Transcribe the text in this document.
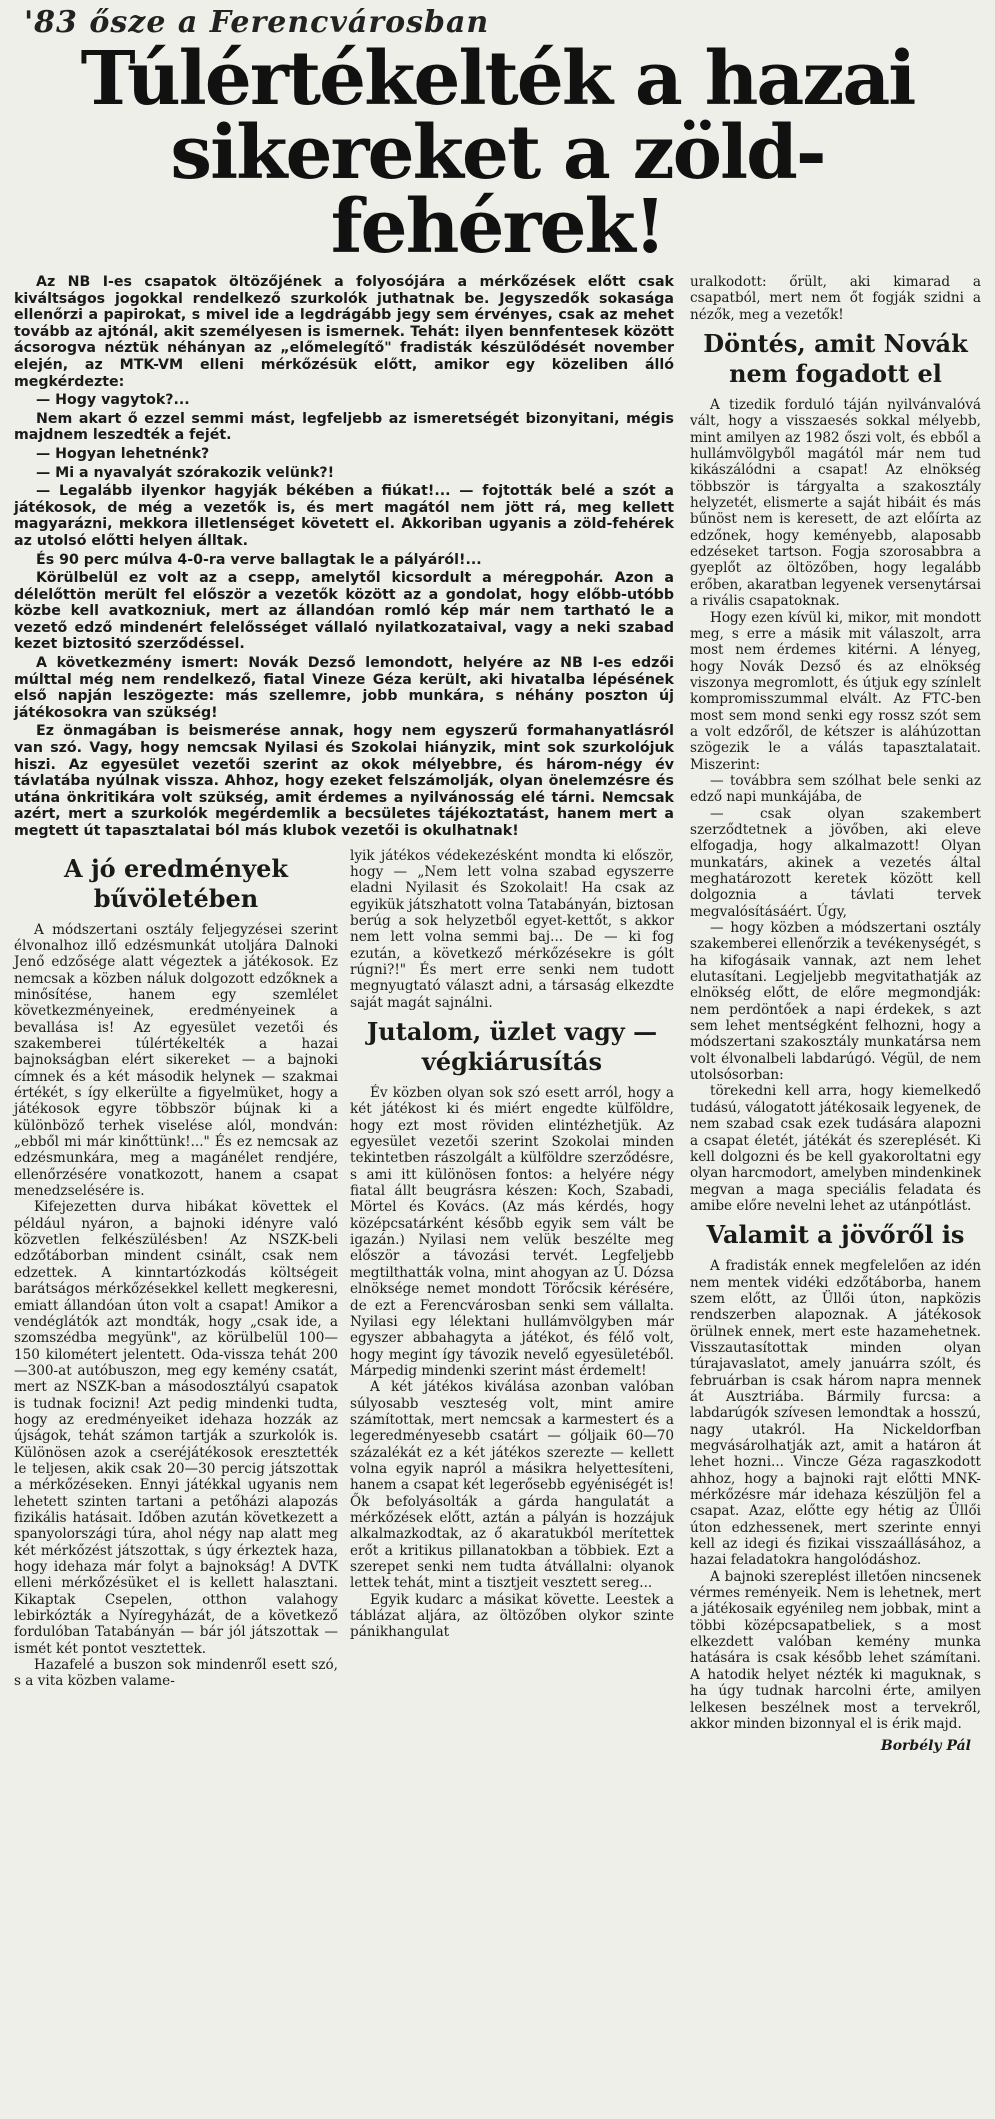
'83 ősze a Ferencvárosban
Túlértékelték a hazai
sikereket a zöld-fehérek!

Az NB I-es csapatok öltözőjének a folyosójára a mérkőzések előtt csak kiváltságos jogokkal rendelkező szurkolók juthatnak be. Jegyszedők sokasága ellenőrzi a papirokat, s mivel ide a legdrágább jegy sem érvényes, csak az mehet tovább az ajtónál, akit személyesen is ismernek. Tehát: ilyen bennfentesek között ácsorogva néztük néhányan az „előmelegítő" fradisták készülődését november elején, az MTK-VM elleni mérkőzésük előtt, amikor egy közeliben álló megkérdezte:

— Hogy vagytok?...

Nem akart ő ezzel semmi mást, legfeljebb az ismeretségét bizonyitani, mégis majdnem leszedték a fejét.

— Hogyan lehetnénk?

— Mi a nyavalyát szórakozik velünk?!

— Legalább ilyenkor hagyják békében a fiúkat!... — fojtották belé a szót a játékosok, de még a vezetők is, és mert magától nem jött rá, meg kellett magyarázni, mekkora illetlenséget követett el. Akkoriban ugyanis a zöld-fehérek az utolsó előtti helyen álltak.

És 90 perc múlva 4-0-ra verve ballagtak le a pályáról!...

Körülbelül ez volt az a csepp, amelytől kicsordult a méregpohár. Azon a délelőttön merült fel először a vezetők között az a gondolat, hogy előbb-utóbb közbe kell avatkozniuk, mert az állandóan romló kép már nem tartható le a vezető edző mindenért felelősséget vállaló nyilatkozataival, vagy a neki szabad kezet biztositó szerződéssel.

A következmény ismert: Novák Dezső lemondott, helyére az NB I-es edzői múlttal még nem rendelkező, fiatal Vineze Géza került, aki hivatalba lépésének első napján leszögezte: más szellemre, jobb munkára, s néhány poszton új játékosokra van szükség!

Ez önmagában is beismerése annak, hogy nem egyszerű formahanyatlásról van szó. Vagy, hogy nemcsak Nyilasi és Szokolai hiányzik, mint sok szurkolójuk hiszi. Az egyesület vezetői szerint az okok mélyebbre, és három-négy év távlatába nyúlnak vissza. Ahhoz, hogy ezeket felszámolják, olyan önelemzésre és utána önkritikára volt szükség, amit érdemes a nyilvánosság elé tárni. Nemcsak azért, mert a szurkolók megérdemlik a becsületes tájékoztatást, hanem mert a megtett út tapasztalatai ból más klubok vezetői is okulhatnak!

A jó eredmények bűvöletében

A módszertani osztály feljegyzései szerint élvonalhoz illő edzésmunkát utoljára Dalnoki Jenő edzősége alatt végeztek a játékosok. Ez nemcsak a közben náluk dolgozott edzőknek a minősítése, hanem egy szemlélet következményeinek, eredményeinek a bevallása is! Az egyesület vezetői és szakemberei túlértékelték a hazai bajnokságban elért sikereket — a bajnoki címnek és a két második helynek — szakmai értékét, s így elkerülte a figyelmüket, hogy a játékosok egyre többször bújnak ki a különböző terhek viselése alól, mondván: „ebből mi már kinőttünk!..." És ez nemcsak az edzésmunkára, meg a magánélet rendjére, ellenőrzésére vonatkozott, hanem a csapat menedzselésére is.

Kifejezetten durva hibákat követtek el például nyáron, a bajnoki idényre való közvetlen felkészülésben! Az NSZK-beli edzőtáborban mindent csinált, csak nem edzettek. A kinntartózkodás költségeit barátságos mérkőzésekkel kellett megkeresni, emiatt állandóan úton volt a csapat! Amikor a vendéglátók azt mondták, hogy „csak ide, a szomszédba megyünk", az körülbelül 100—150 kilométert jelentett. Oda-vissza tehát 200—300-at autóbuszon, meg egy kemény csatát, mert az NSZK-ban a másodosztályú csapatok is tudnak focizni! Azt pedig mindenki tudta, hogy az eredményeiket idehaza hozzák az újságok, tehát számon tartják a szurkolók is. Különösen azok a cseréjátékosok eresztették le teljesen, akik csak 20—30 percig játszottak a mérkőzéseken. Ennyi játékkal ugyanis nem lehetett szinten tartani a petőházi alapozás fizikális hatásait. Időben azután következett a spanyolországi túra, ahol négy nap alatt meg két mérkőzést játszottak, s úgy érkeztek haza, hogy idehaza már folyt a bajnokság! A DVTK elleni mérkőzésüket el is kellett halasztani. Kikaptak Csepelen, otthon valahogy lebirkózták a Nyíregyházát, de a következő fordulóban Tatabányán — bár jól játszottak — ismét két pontot vesztettek.

Hazafelé a buszon sok mindenről esett szó, s a vita közben valame-

lyik játékos védekezésként mondta ki először, hogy — „Nem lett volna szabad egyszerre eladni Nyilasit és Szokolait! Ha csak az egyikük játszhatott volna Tatabányán, biztosan berúg a sok helyzetből egyet-kettőt, s akkor nem lett volna semmi baj... De — ki fog ezután, a következő mérkőzésekre is gólt rúgni?!" És mert erre senki nem tudott megnyugtató választ adni, a társaság elkezdte saját magát sajnálni.

Jutalom, üzlet vagy — végkiárusítás

Év közben olyan sok szó esett arról, hogy a két játékost ki és miért engedte külföldre, hogy ezt most röviden elintézhetjük. Az egyesület vezetői szerint Szokolai minden tekintetben rászolgált a külföldre szerződésre, s ami itt különösen fontos: a helyére négy fiatal állt beugrásra készen: Koch, Szabadi, Mörtel és Kovács. (Az más kérdés, hogy középcsatárként később egyik sem vált be igazán.) Nyilasi nem velük beszélte meg először a távozási tervét. Legfeljebb megtilthatták volna, mint ahogyan az Ú. Dózsa elnöksége nemet mondott Törőcsik kérésére, de ezt a Ferencvárosban senki sem vállalta. Nyilasi egy lélektani hullámvölgyben már egyszer abbahagyta a játékot, és félő volt, hogy megint így távozik nevelő egyesületéből. Márpedig mindenki szerint mást érdemelt!

A két játékos kiválása azonban valóban súlyosabb veszteség volt, mint amire számítottak, mert nemcsak a karmestert és a legeredményesebb csatárt — góljaik 60—70 százalékát ez a két játékos szerezte — kellett volna egyik napról a másikra helyettesíteni, hanem a csapat két legerősebb egyéniségét is! Ők befolyásolták a gárda hangulatát a mérkőzések előtt, aztán a pályán is hozzájuk alkalmazkodtak, az ő akaratukból merítettek erőt a kritikus pillanatokban a többiek. Ezt a szerepet senki nem tudta átvállalni: olyanok lettek tehát, mint a tisztjeit vesztett sereg...

Egyik kudarc a másikat követte. Leestek a táblázat aljára, az öltözőben olykor szinte pánikhangulat

uralkodott: őrült, aki kimarad a csapatból, mert nem őt fogják szidni a nézők, meg a vezetők!

Döntés, amit Novák nem fogadott el

A tizedik forduló táján nyilvánvalóvá vált, hogy a visszaesés sokkal mélyebb, mint amilyen az 1982 őszi volt, és ebből a hullámvölgyből magától már nem tud kikászálódni a csapat! Az elnökség többször is tárgyalta a szakosztály helyzetét, elismerte a saját hibáit és más bűnöst nem is keresett, de azt előírta az edzőnek, hogy keményebb, alaposabb edzéseket tartson. Fogja szorosabbra a gyeplőt az öltözőben, hogy legalább erőben, akaratban legyenek versenytársai a rivális csapatoknak.

Hogy ezen kívül ki, mikor, mit mondott meg, s erre a másik mit válaszolt, arra most nem érdemes kitérni. A lényeg, hogy Novák Dezső és az elnökség viszonya megromlott, és útjuk egy színlelt kompromisszummal elvált. Az FTC-ben most sem mond senki egy rossz szót sem a volt edzőről, de kétszer is aláhúzottan szögezik le a válás tapasztalatait. Miszerint:

— továbbra sem szólhat bele senki az edző napi munkájába, de

— csak olyan szakembert szerződtetnek a jövőben, aki eleve elfogadja, hogy alkalmazott! Olyan munkatárs, akinek a vezetés által meghatározott keretek között kell dolgoznia a távlati tervek megvalósításáért. Úgy,

— hogy közben a módszertani osztály szakemberei ellenőrzik a tevékenységét, s ha kifogásaik vannak, azt nem lehet elutasítani. Legjeljebb megvitathatják az elnökség előtt, de előre megmondják: nem perdöntőek a napi érdekek, s azt sem lehet mentségként felhozni, hogy a módszertani szakosztály munkatársa nem volt élvonalbeli labdarúgó. Végül, de nem utolsósorban:

törekedni kell arra, hogy kiemelkedő tudású, válogatott játékosaik legyenek, de nem szabad csak ezek tudására alapozni a csapat életét, játékát és szereplését. Ki kell dolgozni és be kell gyakoroltatni egy olyan harcmodort, amelyben mindenkinek megvan a maga speciális feladata és amibe előre nevelni lehet az utánpótlást.

Valamit a jövőről is

A fradisták ennek megfelelően az idén nem mentek vidéki edzőtáborba, hanem szem előtt, az Üllői úton, napközis rendszerben alapoznak. A játékosok örülnek ennek, mert este hazamehetnek. Visszautasítottak minden olyan túrajavaslatot, amely januárra szólt, és februárban is csak három napra mennek át Ausztriába. Bármily furcsa: a labdarúgók szívesen lemondtak a hosszú, nagy utakról. Ha Nickeldorfban megvásárolhatják azt, amit a határon át lehet hozni... Vincze Géza ragaszkodott ahhoz, hogy a bajnoki rajt előtti MNK-mérkőzésre már idehaza készüljön fel a csapat. Azaz, előtte egy hétig az Üllői úton edzhessenek, mert szerinte ennyi kell az idegi és fizikai visszaállásához, a hazai feladatokra hangolódáshoz.

A bajnoki szereplést illetően nincsenek vérmes reményeik. Nem is lehetnek, mert a játékosaik egyénileg nem jobbak, mint a többi középcsapatbeliek, s a most elkezdett valóban kemény munka hatására is csak később lehet számítani. A hatodik helyet nézték ki maguknak, s ha úgy tudnak harcolni érte, amilyen lelkesen beszélnek most a tervekről, akkor minden bizonnyal el is érik majd.

Borbély Pál
